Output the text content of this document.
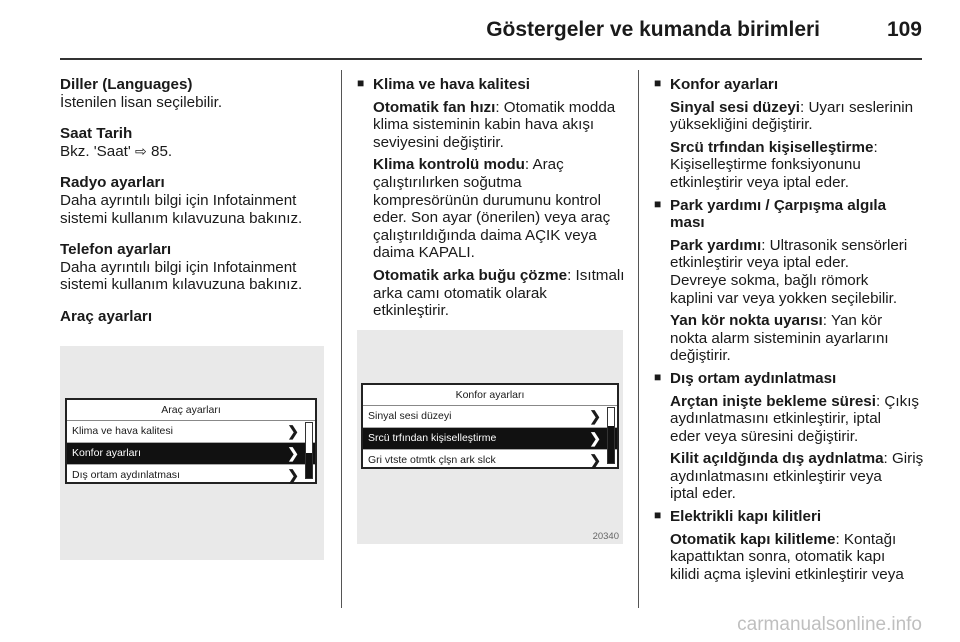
Göstergeler ve kumanda birimleri	109
Diller (Languages)
İstenilen lisan seçilebilir.
Saat Tarih
Bkz. 'Saat' ⇨ 85.
Radyo ayarları
Daha ayrıntılı bilgi için Infotainment
sistemi kullanım kılavuzuna bakınız.
Telefon ayarları
Daha ayrıntılı bilgi için Infotainment
sistemi kullanım kılavuzuna bakınız.
Araç ayarları
Araç ayarları
Klima ve hava kalitesi	❯
Konfor ayarları	❯
Dış ortam aydınlatması	❯
■ Klima ve hava kalitesi
Otomatik fan hızı: Otomatik modda
klima sisteminin kabin hava akışı
seviyesini değiştirir.
Klima kontrolü modu: Araç
çalıştırılırken soğutma
kompresörünün durumunu kontrol
eder. Son ayar (önerilen) veya araç
çalıştırıldığında daima AÇIK veya
daima KAPALI.
Otomatik arka buğu çözme: Isıtmalı
arka camı otomatik olarak
etkinleştirir.
Konfor ayarları
Sinyal sesi düzeyi	❯
Srcü trfından kişiselleştirme	❯
Gri vtste otmtk çlşn ark slck	❯
20340
■ Konfor ayarları
Sinyal sesi düzeyi: Uyarı seslerinin
yüksekliğini değiştirir.
Srcü trfından kişiselleştirme:
Kişiselleştirme fonksiyonunu
etkinleştirir veya iptal eder.
■ Park yardımı / Çarpışma algıla
ması
Park yardımı: Ultrasonik sensörleri
etkinleştirir veya iptal eder.
Devreye sokma, bağlı römork
kaplini var veya yokken seçilebilir.
Yan kör nokta uyarısı: Yan kör
nokta alarm sisteminin ayarlarını
değiştirir.
■ Dış ortam aydınlatması
Arçtan inişte bekleme süresi: Çıkış
aydınlatmasını etkinleştirir, iptal
eder veya süresini değiştirir.
Kilit açıldğında dış aydnlatma: Giriş
aydınlatmasını etkinleştirir veya
iptal eder.
■ Elektrikli kapı kilitleri
Otomatik kapı kilitleme: Kontağı
kapattıktan sonra, otomatik kapı
kilidi açma işlevini etkinleştirir veya
carmanualsonline.info
